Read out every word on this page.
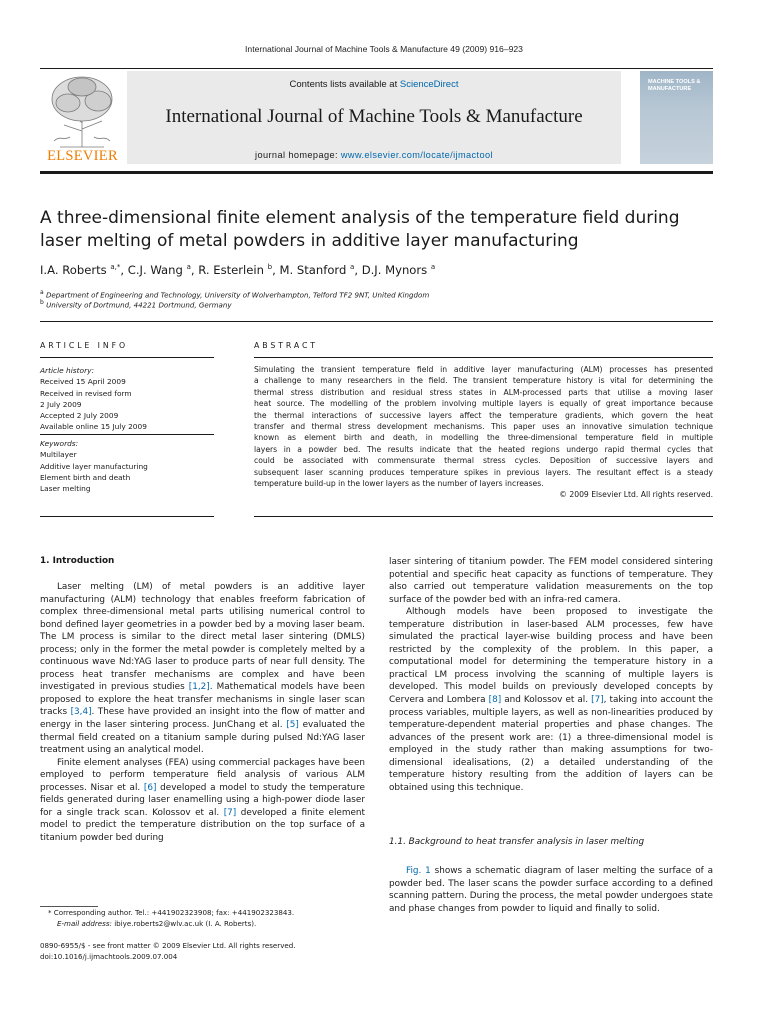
International Journal of Machine Tools & Manufacture 49 (2009) 916–923
ELSEVIER
Contents lists available at ScienceDirect
International Journal of Machine Tools & Manufacture
journal homepage: www.elsevier.com/locate/ijmactool
MACHINE TOOLS & MANUFACTURE
A three-dimensional finite element analysis of the temperature field during laser melting of metal powders in additive layer manufacturing
I.A. Roberts $^{a,*}$, C.J. Wang $^a$, R. Esterlein $^b$, M. Stanford $^a$, D.J. Mynors $^a$
$^a$ Department of Engineering and Technology, University of Wolverhampton, Telford TF2 9NT, United Kingdom
$^b$ University of Dortmund, 44221 Dortmund, Germany
ARTICLE INFO
Article history:
Received 15 April 2009
Received in revised form
2 July 2009
Accepted 2 July 2009
Available online 15 July 2009
Keywords:
Multilayer
Additive layer manufacturing
Element birth and death
Laser melting
ABSTRACT
Simulating the transient temperature field in additive layer manufacturing (ALM) processes has presented
a challenge to many researchers in the field. The transient temperature history is vital for determining the
thermal stress distribution and residual stress states in ALM-processed parts that utilise a moving laser
heat source. The modelling of the problem involving multiple layers is equally of great importance because
the thermal interactions of successive layers affect the temperature gradients, which govern the heat
transfer and thermal stress development mechanisms. This paper uses an innovative simulation technique
known as element birth and death, in modelling the three-dimensional temperature field in multiple
layers in a powder bed. The results indicate that the heated regions undergo rapid thermal cycles that
could be associated with commensurate thermal stress cycles. Deposition of successive layers and
subsequent laser scanning produces temperature spikes in previous layers. The resultant effect is a steady
temperature build-up in the lower layers as the number of layers increases.
© 2009 Elsevier Ltd. All rights reserved.
1. Introduction

Laser melting (LM) of metal powders is an additive layer manufacturing (ALM) technology that enables freeform fabrication of complex three-dimensional metal parts utilising numerical control to bond defined layer geometries in a powder bed by a moving laser beam. The LM process is similar to the direct metal laser sintering (DMLS) process; only in the former the metal powder is completely melted by a continuous wave Nd:YAG laser to produce parts of near full density. The process heat transfer mechanisms are complex and have been investigated in previous studies [1,2]. Mathematical models have been proposed to explore the heat transfer mechanisms in single laser scan tracks [3,4]. These have provided an insight into the flow of matter and energy in the laser sintering process. JunChang et al. [5] evaluated the thermal field created on a titanium sample during pulsed Nd:YAG laser treatment using an analytical model.

Finite element analyses (FEA) using commercial packages have been employed to perform temperature field analysis of various ALM processes. Nisar et al. [6] developed a model to study the temperature fields generated during laser enamelling using a high-power diode laser for a single track scan. Kolossov et al. [7] developed a finite element model to predict the temperature distribution on the top surface of a titanium powder bed during

laser sintering of titanium powder. The FEM model considered sintering potential and specific heat capacity as functions of temperature. They also carried out temperature validation measurements on the top surface of the powder bed with an infra-red camera.

Although models have been proposed to investigate the temperature distribution in laser-based ALM processes, few have simulated the practical layer-wise building process and have been restricted by the complexity of the problem. In this paper, a computational model for determining the temperature history in a practical LM process involving the scanning of multiple layers is developed. This model builds on previously developed concepts by Cervera and Lombera [8] and Kolossov et al. [7], taking into account the process variables, multiple layers, as well as non-linearities produced by temperature-dependent material properties and phase changes. The advances of the present work are: (1) a three-dimensional model is employed in the study rather than making assumptions for two-dimensional idealisations, (2) a detailed understanding of the temperature history resulting from the addition of layers can be obtained using this technique.

1.1. Background to heat transfer analysis in laser melting

Fig. 1 shows a schematic diagram of laser melting the surface of a powder bed. The laser scans the powder surface according to a defined scanning pattern. During the process, the metal powder undergoes state and phase changes from powder to liquid and finally to solid.

* Corresponding author. Tel.: +441902323908; fax: +441902323843.
E-mail address: ibiye.roberts2@wlv.ac.uk (I. A. Roberts).
0890-6955/$ - see front matter © 2009 Elsevier Ltd. All rights reserved.
doi:10.1016/j.ijmachtools.2009.07.004
